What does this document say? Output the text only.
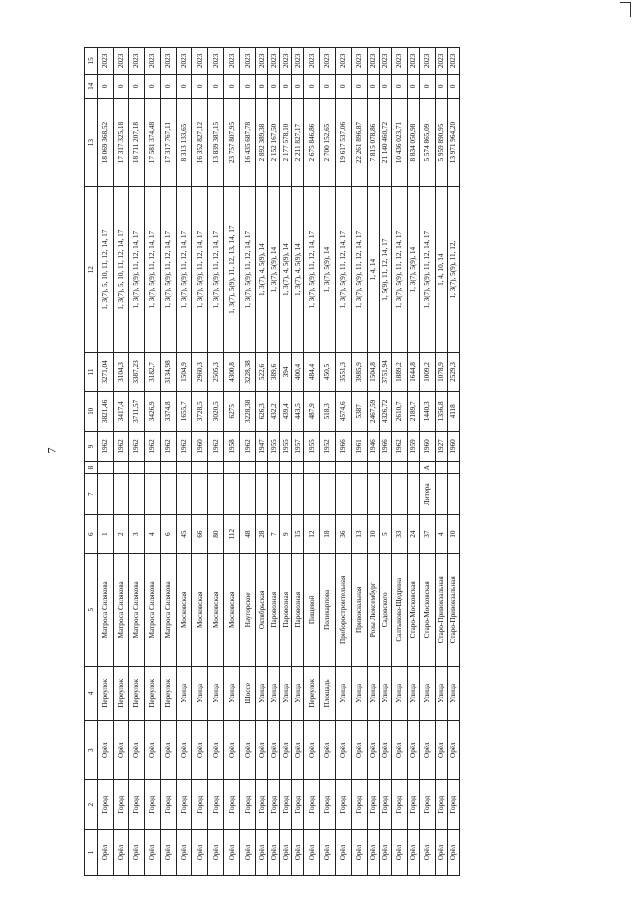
7
1	2	3	4	5	6	7	8	9	10	11	12	13	14	15
Орёл	Город	Орёл	Переулок	Матроса Силякова	1			1962	3821,46	3271,04	1, 3(7), 5, 10, 11, 12, 14, 17	18 069 368,52	0	2023
Орёл	Город	Орёл	Переулок	Матроса Силякова	2			1962	3417,4	3104,3	1, 3(7), 5, 10, 11, 12, 14, 17	17 317 325,18	0	2023
Орёл	Город	Орёл	Переулок	Матроса Силякова	3			1962	3711,57	3387,23	1, 3(7), 5(9), 11, 12, 14, 17	18 711 207,18	0	2023
Орёл	Город	Орёл	Переулок	Матроса Силякова	4			1962	3426,9	3182,7	1, 3(7), 5(9), 11, 12, 14, 17	17 581 374,48	0	2023
Орёл	Город	Орёл	Переулок	Матроса Силякова	6			1962	3374,8	3134,98	1, 3(7), 5(9), 11, 12, 14, 17	17 317 767,11	0	2023
Орёл	Город	Орёл	Улица	Московская	45			1962	1655,7	1504,9	1, 3(7), 5(9), 11, 12, 14, 17	8 313 133,65	0	2023
Орёл	Город	Орёл	Улица	Московская	66			1960	3728,5	2960,3	1, 3(7), 5(9), 11, 12, 14, 17	16 352 827,12	0	2023
Орёл	Город	Орёл	Улица	Московская	80			1962	3020,5	2505,3	1, 3(7), 5(9), 11, 12, 14, 17	13 839 387,15	0	2023
Орёл	Город	Орёл	Улица	Московская	112			1958	6275	4300,8	1, 3(7), 5(9), 11, 12, 13, 14, 17	23 757 807,95	0	2023
Орёл	Город	Орёл	Шоссе	Наугорское	48			1962	3228,38	3228,38	1, 3(7), 5(9), 11, 12, 14, 17	16 435 687,78	0	2023
Орёл	Город	Орёл	Улица	Октябрьская	28			1947	626,3	522,6	1, 3(7), 4, 5(9), 14	2 892 389,38	0	2023
Орёл	Город	Орёл	Улица	Паровозная	7			1955	432,2	389,6	1, 3(7), 5(9), 14	2 152 167,50	0	2023
Орёл	Город	Орёл	Улица	Паровозная	9			1955	439,4	394	1, 3(7), 4, 5(9), 14	2 177 578,10	0	2023
Орёл	Город	Орёл	Улица	Паровозная	15			1957	443,5	400,4	1, 3(7), 4, 5(9), 14	2 211 827,17	0	2023
Орёл	Город	Орёл	Переулок	Пищевой	12			1955	487,9	484,4	1, 3(7), 5(9), 11, 12, 14, 17	2 675 846,86	0	2023
Орёл	Город	Орёл	Площадь	Поликарпова	18			1952	518,3	450,5	1, 3(7), 5(9), 14	2 700 152,65	0	2023
Орёл	Город	Орёл	Улица	Приборостроительная	36			1966	4574,6	3551,3	1, 3(7), 5(9), 11, 12, 14, 17	19 617 537,06	0	2023
Орёл	Город	Орёл	Улица	Привокзальная	13			1961	5387	3985,9	1, 3(7), 5(9), 11, 12, 14, 17	22 261 896,87	0	2023
Орёл	Город	Орёл	Улица	Розы Люксембург	10			1946	2467,59	1504,8	1, 4, 14	7 815 078,86	0	2023
Орёл	Город	Орёл	Улица	Садовского	5			1966	4326,72	3751,94	1, 5(9), 11, 12, 14, 17	21 140 460,72	0	2023
Орёл	Город	Орёл	Улица	Салтыкова-Щедрина	33			1962	2610,7	1889,2	1, 3(7), 5(9), 11, 12, 14, 17	10 436 023,71	0	2023
Орёл	Город	Орёл	Улица	Старо-Московская	24			1959	2189,7	1644,8	1, 3(7), 5(9), 14	8 834 050,98	0	2023
Орёл	Город	Орёл	Улица	Старо-Московская	37	Литера	А	1960	1440,3	1009,2	1, 3(7), 5(9), 11, 12, 14, 17	5 574 865,09	0	2023
Орёл	Город	Орёл	Улица	Старо-Привокзальная	4			1927	1356,8	1078,9	1, 4, 10, 14	5 959 890,95	0	2023
Орёл	Город	Орёл	Улица	Старо-Привокзальная	10			1960	4118	2529,3	1, 3(7), 5(9), 11, 12,	13 971 964,20	0	2023
